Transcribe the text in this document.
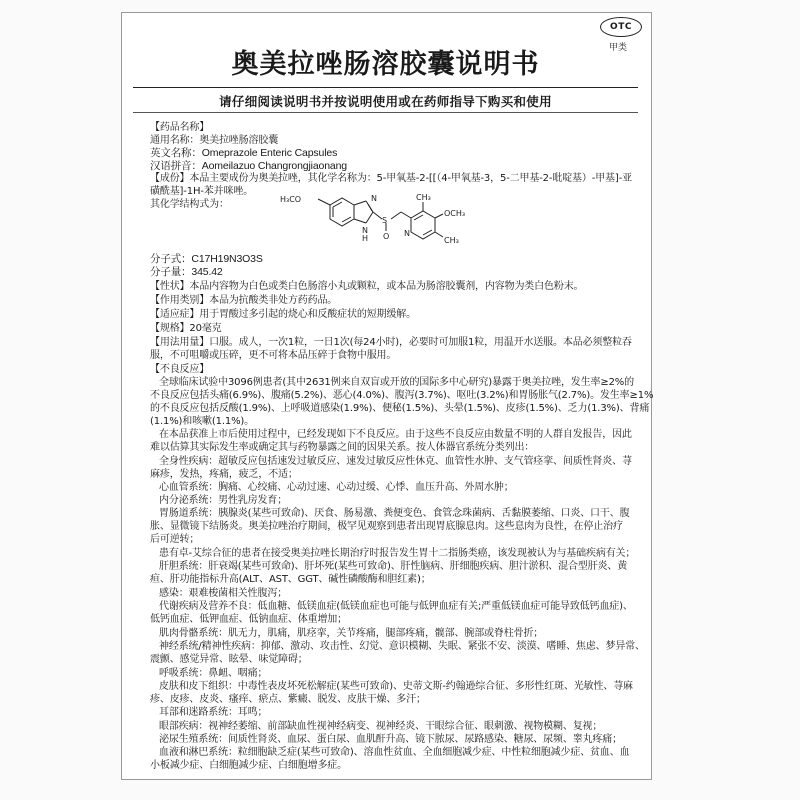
OTC
甲类
奥美拉唑肠溶胶囊说明书
请仔细阅读说明书并按说明使用或在药师指导下购买和使用
【药品名称】
通用名称：奥美拉唑肠溶胶囊
英文名称：Omeprazole Enteric Capsules
汉语拼音：Aomeilazuo Changrongjiaonang
【成份】本品主要成份为奥美拉唑，其化学名称为：5-甲氧基-2-[[（4-甲氧基-3，5-二甲基-2-吡啶基）-甲基]-亚
磺酰基]-1H-苯并咪唑。
其化学结构式为：
分子式：C17H19N3O3S
分子量：345.42
【性状】本品内容物为白色或类白色肠溶小丸或颗粒，或本品为肠溶胶囊剂，内容物为类白色粉末。
【作用类别】本品为抗酸类非处方药药品。
【适应症】用于胃酸过多引起的烧心和反酸症状的短期缓解。
【规格】20毫克
【用法用量】口服。成人，一次1粒，一日1次(每24小时)，必要时可加服1粒，用温开水送服。本品必须整粒吞
服，不可咀嚼或压碎，更不可将本品压碎于食物中服用。
【不良反应】
全球临床试验中3096例患者(其中2631例来自双盲或开放的国际多中心研究)暴露于奥美拉唑，发生率≥2%的
不良反应包括头痛(6.9%)、腹痛(5.2%)、恶心(4.0%)、腹泻(3.7%)、呕吐(3.2%)和胃肠胀气(2.7%)。发生率≥1%
的不良反应包括反酸(1.9%)、上呼吸道感染(1.9%)、便秘(1.5%)、头晕(1.5%)、皮疹(1.5%)、乏力(1.3%)、背痛
(1.1%)和咳嗽(1.1%)。
在本品获准上市后使用过程中，已经发现如下不良反应。由于这些不良反应由数量不明的人群自发报告，因此
难以估算其实际发生率或确定其与药物暴露之间的因果关系。按人体器官系统分类列出：
全身性疾病：超敏反应包括速发过敏反应、速发过敏反应性休克、血管性水肿、支气管痉挛、间质性肾炎、荨
麻疹，发热，疼痛，疲乏，不适；
心血管系统：胸痛、心绞痛、心动过速、心动过缓、心悸、血压升高、外周水肿；
内分泌系统：男性乳房发育；
胃肠道系统：胰腺炎(某些可致命)、厌食、肠易激、粪便变色、食管念珠菌病、舌黏膜萎缩、口炎、口干、腹
胀、显微镜下结肠炎。奥美拉唑治疗期间，极罕见观察到患者出现胃底腺息肉。这些息肉为良性，在停止治疗
后可逆转；
患有卓-艾综合征的患者在接受奥美拉唑长期治疗时报告发生胃十二指肠类癌，该发现被认为与基础疾病有关；
肝胆系统：肝衰竭(某些可致命)、肝坏死(某些可致命)、肝性脑病、肝细胞疾病、胆汁淤积、混合型肝炎、黄
疸、肝功能指标升高(ALT、AST、GGT、碱性磷酸酶和胆红素)；
感染：艰难梭菌相关性腹泻；
代谢疾病及营养不良：低血糖、低镁血症(低镁血症也可能与低钾血症有关;严重低镁血症可能导致低钙血症)、
低钙血症、低钾血症、低钠血症、体重增加；
肌肉骨骼系统：肌无力，肌痛，肌痉挛，关节疼痛，腿部疼痛，髋部、腕部或脊柱骨折；
神经系统/精神性疾病：抑郁、激动、攻击性、幻觉、意识模糊、失眠、紧张不安、淡漠、嗜睡、焦虑、梦异常、
震颤、感觉异常、眩晕、味觉障碍；
呼吸系统：鼻衄、咽痛；
皮肤和皮下组织：中毒性表皮坏死松解症(某些可致命)、史蒂文斯-约翰逊综合征、多形性红斑、光敏性、荨麻
疹、皮疹、皮炎、瘙痒、瘀点、紫癜、脱发、皮肤干燥、多汗；
耳部和迷路系统：耳鸣；
眼部疾病：视神经萎缩、前部缺血性视神经病变、视神经炎、干眼综合征、眼刺激、视物模糊、复视；
泌尿生殖系统：间质性肾炎、血尿、蛋白尿、血肌酐升高、镜下脓尿、尿路感染、糖尿、尿频、睾丸疼痛；
血液和淋巴系统：粒细胞缺乏症(某些可致命)、溶血性贫血、全血细胞减少症、中性粒细胞减少症、贫血、血
小板减少症、白细胞减少症、白细胞增多症。
H₃CO	N
N
H
S
O N
CH₃
OCH₃
CH₃
